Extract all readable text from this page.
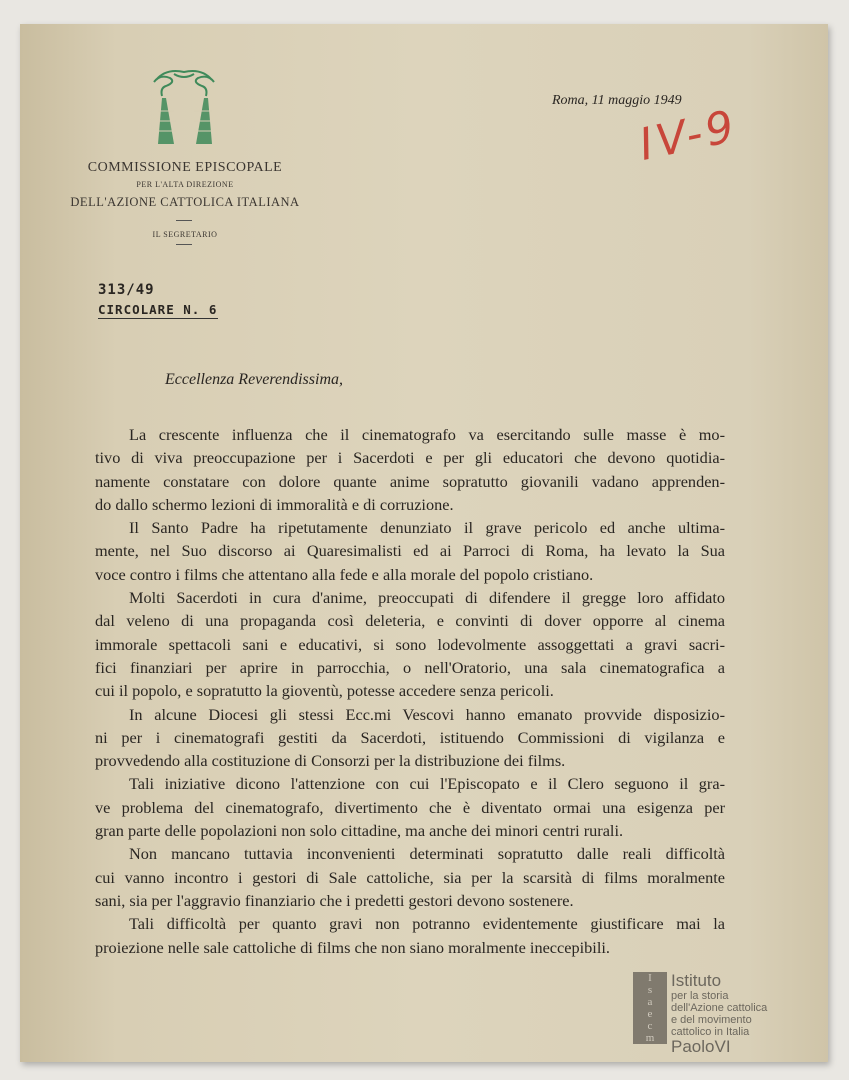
COMMISSIONE EPISCOPALE
PER L'ALTA DIREZIONE
DELL'AZIONE CATTOLICA ITALIANA
IL SEGRETARIO
Roma, 11 maggio 1949
IV-9
313/49
CIRCOLARE N. 6
Eccellenza Reverendissima,
La crescente influenza che il cinematografo va esercitando sulle masse è mo-
tivo di viva preoccupazione per i Sacerdoti e per gli educatori che devono quotidia-
namente constatare con dolore quante anime sopratutto giovanili vadano apprenden-
do dallo schermo lezioni di immoralità e di corruzione.
Il Santo Padre ha ripetutamente denunziato il grave pericolo ed anche ultima-
mente, nel Suo discorso ai Quaresimalisti ed ai Parroci di Roma, ha levato la Sua
voce contro i films che attentano alla fede e alla morale del popolo cristiano.
Molti Sacerdoti in cura d'anime, preoccupati di difendere il gregge loro affidato
dal veleno di una propaganda così deleteria, e convinti di dover opporre al cinema
immorale spettacoli sani e educativi, si sono lodevolmente assoggettati a gravi sacri-
fici finanziari per aprire in parrocchia, o nell'Oratorio, una sala cinematografica a
cui il popolo, e sopratutto la gioventù, potesse accedere senza pericoli.
In alcune Diocesi gli stessi Ecc.mi Vescovi hanno emanato provvide disposizio-
ni per i cinematografi gestiti da Sacerdoti, istituendo Commissioni di vigilanza e
provvedendo alla costituzione di Consorzi per la distribuzione dei films.
Tali iniziative dicono l'attenzione con cui l'Episcopato e il Clero seguono il gra-
ve problema del cinematografo, divertimento che è diventato ormai una esigenza per
gran parte delle popolazioni non solo cittadine, ma anche dei minori centri rurali.
Non mancano tuttavia inconvenienti determinati sopratutto dalle reali difficoltà
cui vanno incontro i gestori di Sale cattoliche, sia per la scarsità di films moralmente
sani, sia per l'aggravio finanziario che i predetti gestori devono sostenere.
Tali difficoltà per quanto gravi non potranno evidentemente giustificare mai la
proiezione nelle sale cattoliche di films che non siano moralmente ineccepibili.
I
s
a
e
c
m
Istituto
per la storia
dell'Azione cattolica
e del movimento
cattolico in Italia
PaoloVI
